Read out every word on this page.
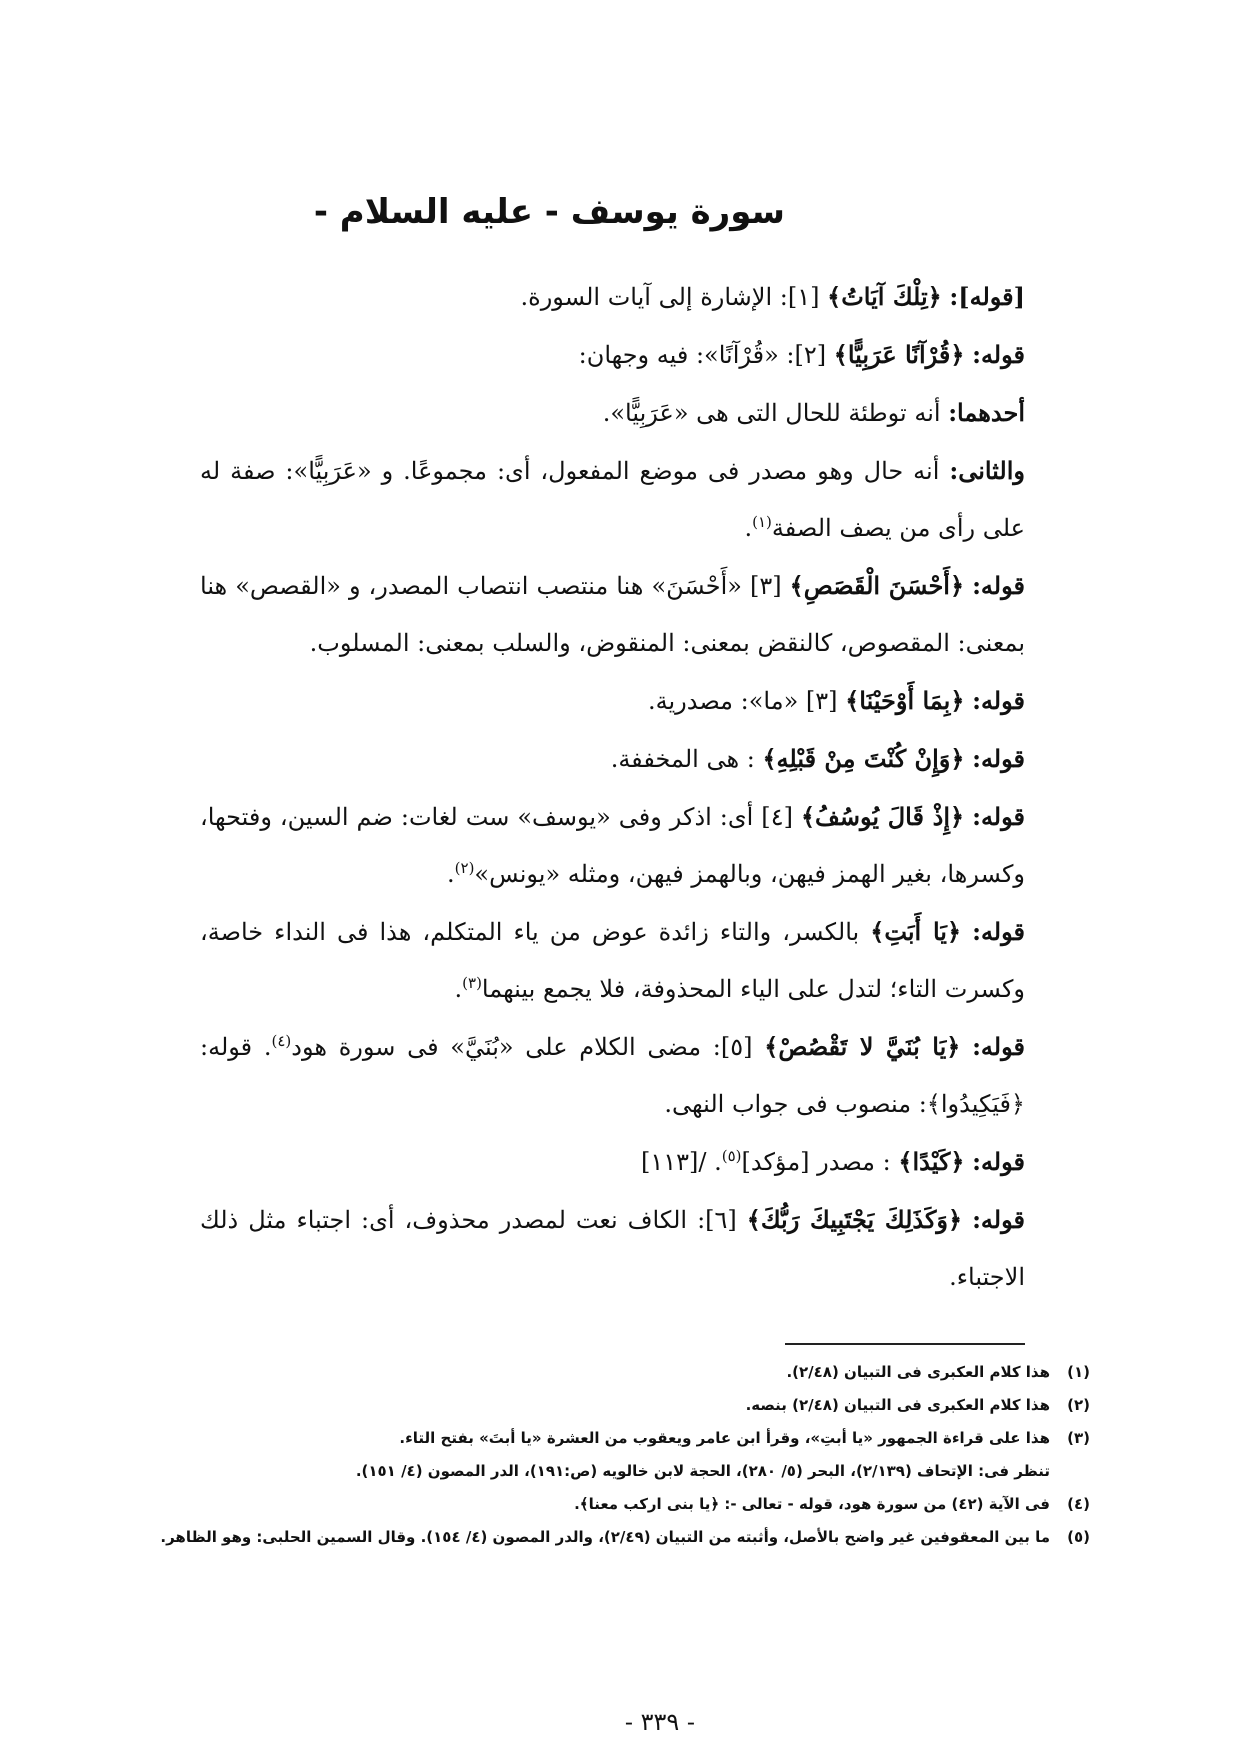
سورة يوسف - عليه السلام -

[قوله]: ﴿تِلْكَ آيَاتُ﴾ [١]: الإشارة إلى آيات السورة.

قوله: ﴿قُرْآنًا عَرَبِيًّا﴾ [٢]: «قُرْآنًا»: فيه وجهان:

أحدهما: أنه توطئة للحال التى هى «عَرَبِيًّا».

والثانى: أنه حال وهو مصدر فى موضع المفعول، أى: مجموعًا. و «عَرَبِيًّا»: صفة له على رأى من يصف الصفة$^{(١)}$.

قوله: ﴿أَحْسَنَ الْقَصَصِ﴾ [٣] «أَحْسَنَ» هنا منتصب انتصاب المصدر، و «القصص» هنا بمعنى: المقصوص، كالنقض بمعنى: المنقوض، والسلب بمعنى: المسلوب.

قوله: ﴿بِمَا أَوْحَيْنَا﴾ [٣] «ما»: مصدرية.

قوله: ﴿وَإِنْ كُنْتَ مِنْ قَبْلِهِ﴾ : هى المخففة.

قوله: ﴿إِذْ قَالَ يُوسُفُ﴾ [٤] أى: اذكر وفى «يوسف» ست لغات: ضم السين، وفتحها، وكسرها، بغير الهمز فيهن، وبالهمز فيهن، ومثله «يونس»$^{(٢)}$.

قوله: ﴿يَا أَبَتِ﴾ بالكسر، والتاء زائدة عوض من ياء المتكلم، هذا فى النداء خاصة، وكسرت التاء؛ لتدل على الياء المحذوفة، فلا يجمع بينهما$^{(٣)}$.

قوله: ﴿يَا بُنَيَّ لا تَقْصُصْ﴾ [٥]: مضى الكلام على «بُنَيَّ» فى سورة هود$^{(٤)}$. قوله: ﴿فَيَكِيدُوا﴾: منصوب فى جواب النهى.

قوله: ﴿كَيْدًا﴾ : مصدر [مؤكد]$^{(٥)}$. /[١١٣]

قوله: ﴿وَكَذَلِكَ يَجْتَبِيكَ رَبُّكَ﴾ [٦]: الكاف نعت لمصدر محذوف، أى: اجتباء مثل ذلك الاجتباء.

(١)
هذا كلام العكبرى فى التبيان (٢/٤٨).
(٢)
هذا كلام العكبرى فى التبيان (٢/٤٨) بنصه.
(٣)
هذا على قراءة الجمهور «يا أبتِ»، وقرأ ابن عامر ويعقوب من العشرة «يا أبتَ» بفتح التاء.
تنظر فى: الإتحاف (٢/١٣٩)، البحر (٥/ ٢٨٠)، الحجة لابن خالويه (ص:١٩١)، الدر المصون (٤/ ١٥١).
(٤)
فى الآية (٤٢) من سورة هود، قوله - تعالى -: ﴿يا بنى اركب معنا﴾.
(٥)
ما بين المعقوفين غير واضح بالأصل، وأثبته من التبيان (٢/٤٩)، والدر المصون (٤/ ١٥٤). وقال السمين الحلبى: وهو الظاهر.
- ٣٣٩ -
